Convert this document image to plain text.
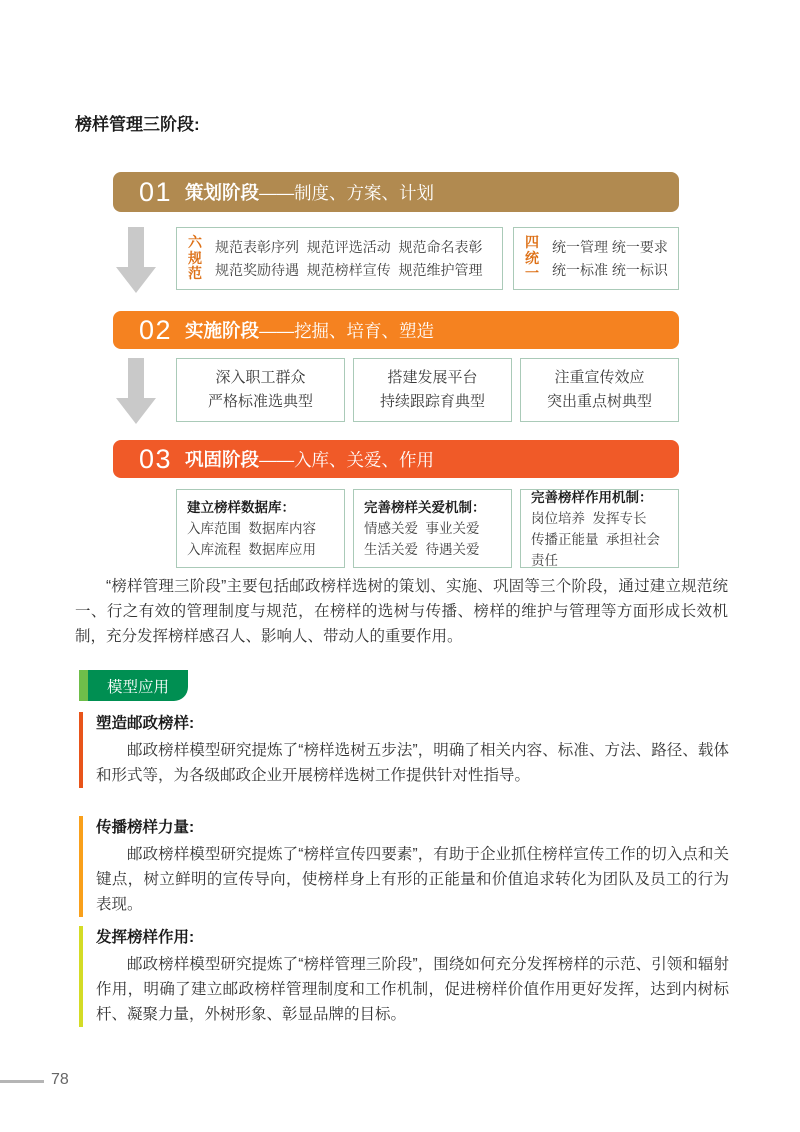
榜样管理三阶段:
01 策划阶段 ——制度、方案、计划
六规范
规范表彰序列  规范评选活动  规范命名表彰
规范奖励待遇  规范榜样宣传  规范维护管理
四统一
统一管理 统一要求
统一标准 统一标识
02 实施阶段 ——挖掘、培育、塑造
深入职工群众
严格标准选典型
搭建发展平台
持续跟踪育典型
注重宣传效应
突出重点树典型
03 巩固阶段 ——入库、关爱、作用
建立榜样数据库：
入库范围  数据库内容
入库流程  数据库应用
完善榜样关爱机制：
情感关爱  事业关爱
生活关爱  待遇关爱
完善榜样作用机制：
岗位培养  发挥专长
传播正能量  承担社会责任
“榜样管理三阶段”主要包括邮政榜样选树的策划、实施、巩固等三个阶段，通过建立规范统一、行之有效的管理制度与规范，在榜样的选树与传播、榜样的维护与管理等方面形成长效机制，充分发挥榜样感召人、影响人、带动人的重要作用。
模型应用
塑造邮政榜样:
邮政榜样模型研究提炼了“榜样选树五步法”，明确了相关内容、标准、方法、路径、载体和形式等，为各级邮政企业开展榜样选树工作提供针对性指导。
传播榜样力量:
邮政榜样模型研究提炼了“榜样宣传四要素”，有助于企业抓住榜样宣传工作的切入点和关键点，树立鲜明的宣传导向，使榜样身上有形的正能量和价值追求转化为团队及员工的行为表现。
发挥榜样作用:
邮政榜样模型研究提炼了“榜样管理三阶段”，围绕如何充分发挥榜样的示范、引领和辐射作用，明确了建立邮政榜样管理制度和工作机制，促进榜样价值作用更好发挥，达到内树标杆、凝聚力量，外树形象、彰显品牌的目标。
78
